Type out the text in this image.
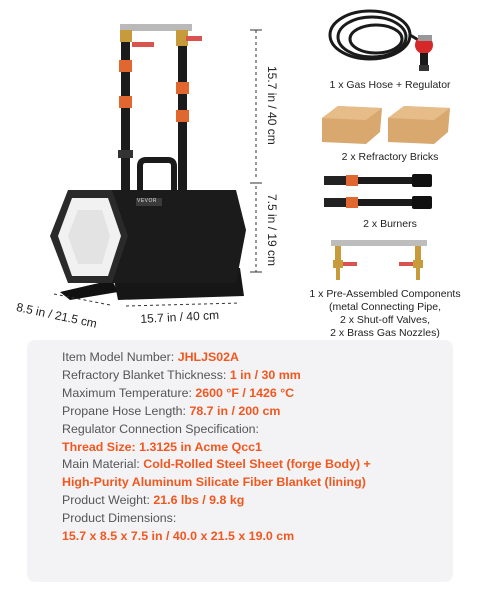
VEVOR
15.7 in / 40 cm
7.5 in / 19 cm
8.5 in / 21.5 cm	15.7 in / 40 cm
1 x Gas Hose + Regulator
2 x Refractory Bricks
2 x Burners
1 x Pre-Assembled Components
(metal Connecting Pipe,
2 x Shut-off Valves,
2 x Brass Gas Nozzles)
Item Model Number: JHLJS02A
Refractory Blanket Thickness: 1 in / 30 mm
Maximum Temperature: 2600 °F / 1426 °C
Propane Hose Length: 78.7 in / 200 cm
Regulator Connection Specification:
Thread Size: 1.3125 in Acme Qcc1
Main Material: Cold-Rolled Steel Sheet (forge Body) +
High-Purity Aluminum Silicate Fiber Blanket (lining)
Product Weight: 21.6 lbs / 9.8 kg
Product Dimensions:
15.7 x 8.5 x 7.5 in / 40.0 x 21.5 x 19.0 cm
